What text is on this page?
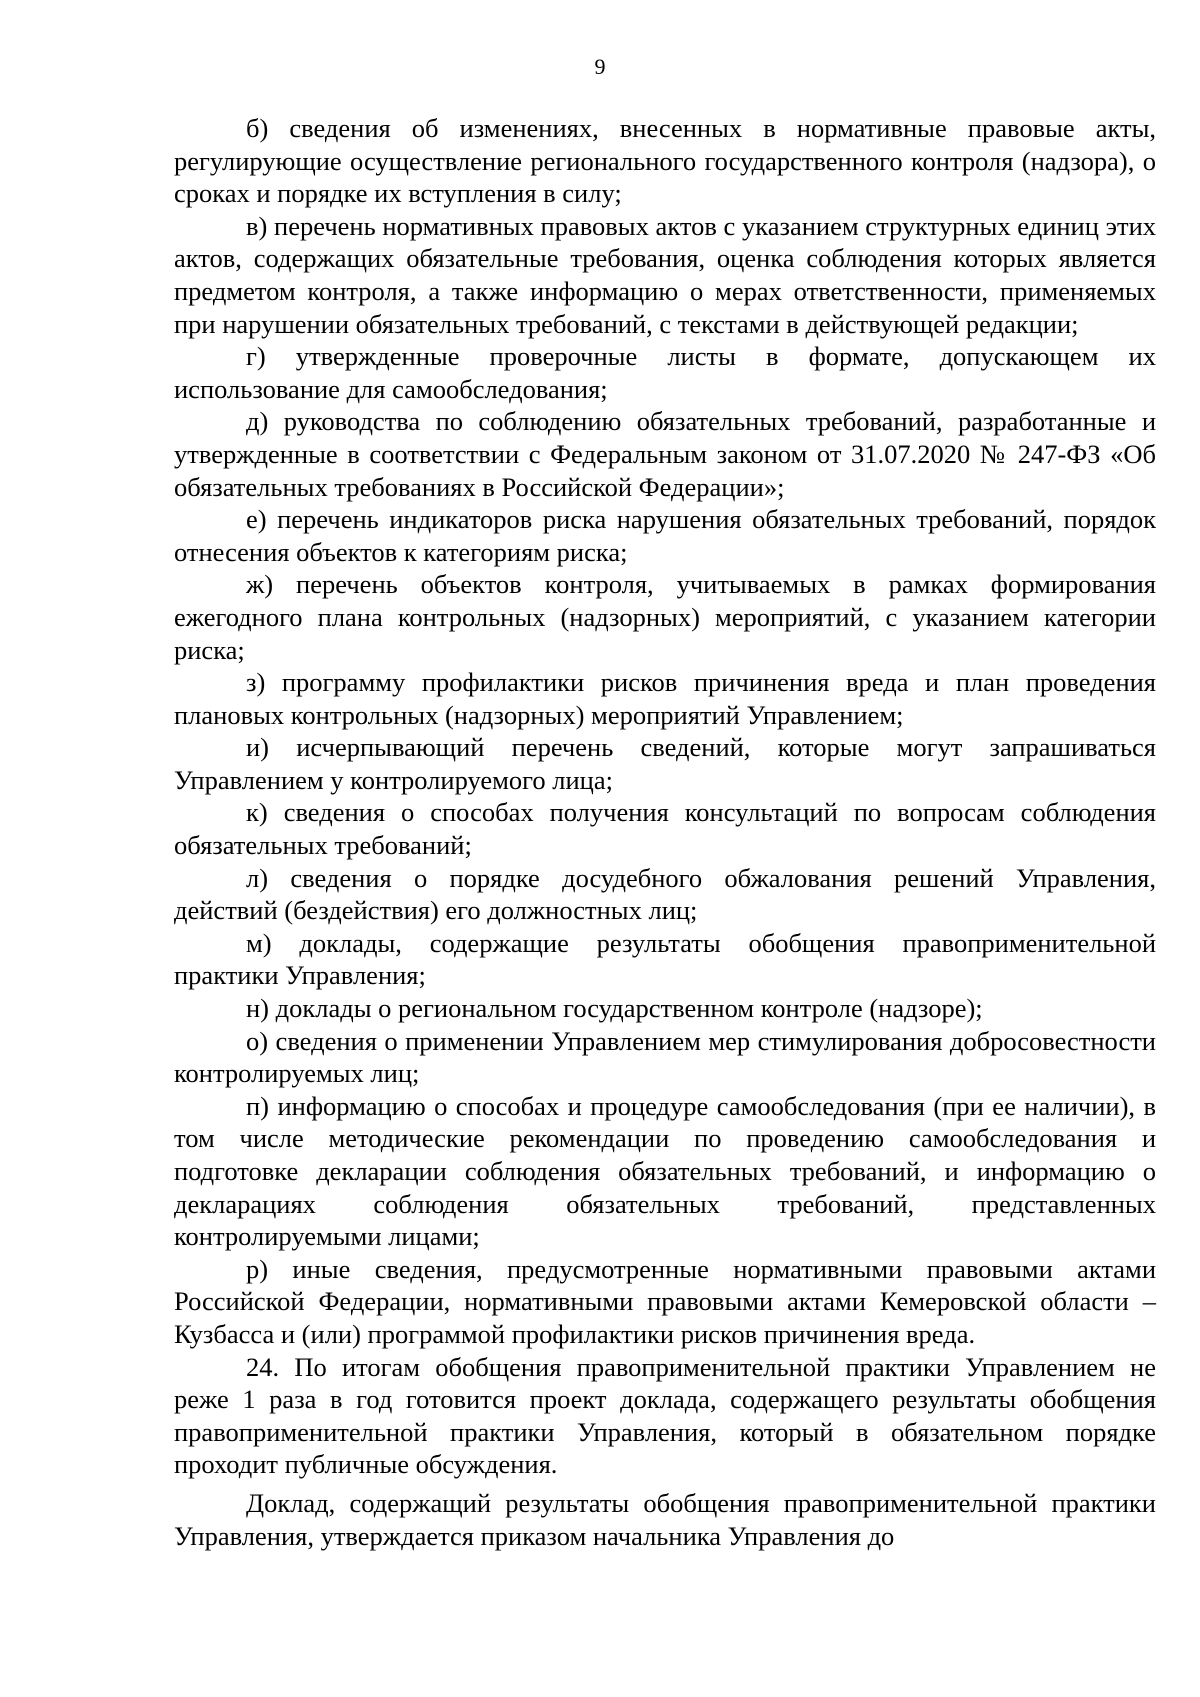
9

б) сведения об изменениях, внесенных в нормативные правовые акты, регулирующие осуществление регионального государственного контроля (надзора), о сроках и порядке их вступления в силу;

в) перечень нормативных правовых актов с указанием структурных единиц этих актов, содержащих обязательные требования, оценка соблюдения которых является предметом контроля, а также информацию о мерах ответственности, применяемых при нарушении обязательных требований, с текстами в действующей редакции;

г) утвержденные проверочные листы в формате, допускающем их использование для самообследования;

д) руководства по соблюдению обязательных требований, разработанные и утвержденные в соответствии с Федеральным законом от 31.07.2020 № 247-ФЗ «Об обязательных требованиях в Российской Федерации»;

е) перечень индикаторов риска нарушения обязательных требований, порядок отнесения объектов к категориям риска;

ж) перечень объектов контроля, учитываемых в рамках формирования ежегодного плана контрольных (надзорных) мероприятий, с указанием категории риска;

з) программу профилактики рисков причинения вреда и план проведения плановых контрольных (надзорных) мероприятий Управлением;

и) исчерпывающий перечень сведений, которые могут запрашиваться Управлением у контролируемого лица;

к) сведения о способах получения консультаций по вопросам соблюдения обязательных требований;

л) сведения о порядке досудебного обжалования решений Управления, действий (бездействия) его должностных лиц;

м) доклады, содержащие результаты обобщения правоприменительной практики Управления;

н) доклады о региональном государственном контроле (надзоре);

о) сведения о применении Управлением мер стимулирования добросовестности контролируемых лиц;

п) информацию о способах и процедуре самообследования (при ее наличии), в том числе методические рекомендации по проведению самообследования и подготовке декларации соблюдения обязательных требований, и информацию о декларациях соблюдения обязательных требований, представленных контролируемыми лицами;

р) иные сведения, предусмотренные нормативными правовыми актами Российской Федерации, нормативными правовыми актами Кемеровской области – Кузбасса и (или) программой профилактики рисков причинения вреда.

24. По итогам обобщения правоприменительной практики Управлением не реже 1 раза в год готовится проект доклада, содержащего результаты обобщения правоприменительной практики Управления, который в обязательном порядке проходит публичные обсуждения.

Доклад, содержащий результаты обобщения правоприменительной практики Управления, утверждается приказом начальника Управления до
